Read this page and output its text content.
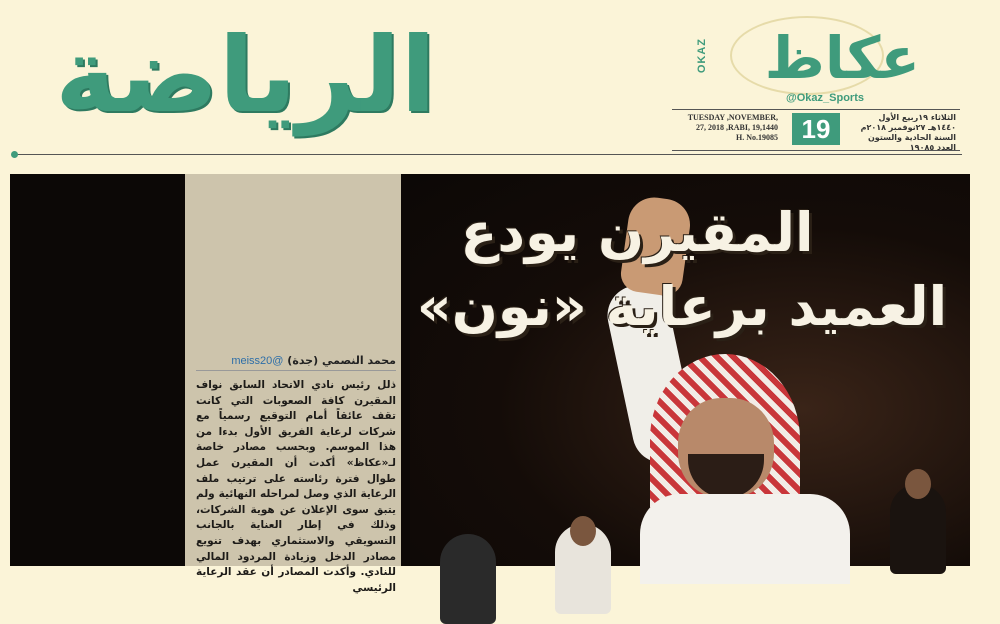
الرياضة	OKAZ عكاظ
@Okaz_Sports
TUESDAY ,NOVEMBER, 27, 2018 ,RABI, 19,1440 H. No.19085 19	الثلاثاء ١٩ربيع الأول ١٤٤٠هـ ٢٧نوفمبر ٢٠١٨م السنة الحادية والستون العدد ١٩٠٨٥
المقيرن يودع
العميد برعاية «نون»
محمد النصمي (جدة) @meiss20
ذلل رئيس نادي الاتحاد السابق نواف المقيرن كافة الصعوبات التي كانت تقف عائقاً أمام التوقيع رسمياً مع شركات لرعاية الفريق الأول بدءا من هذا الموسم. وبحسب مصادر خاصة لـ«عكاظ» أكدت أن المقيرن عمل طوال فترة رئاسته على ترتيب ملف الرعاية الذي وصل لمراحله النهائية ولم يتبق سوى الإعلان عن هوية الشركات، وذلك في إطار العناية بالجانب التسويقي والاستثماري بهدف تنويع مصادر الدخل وزيادة المردود المالي للنادي. وأكدت المصادر أن عقد الرعاية الرئيسي
